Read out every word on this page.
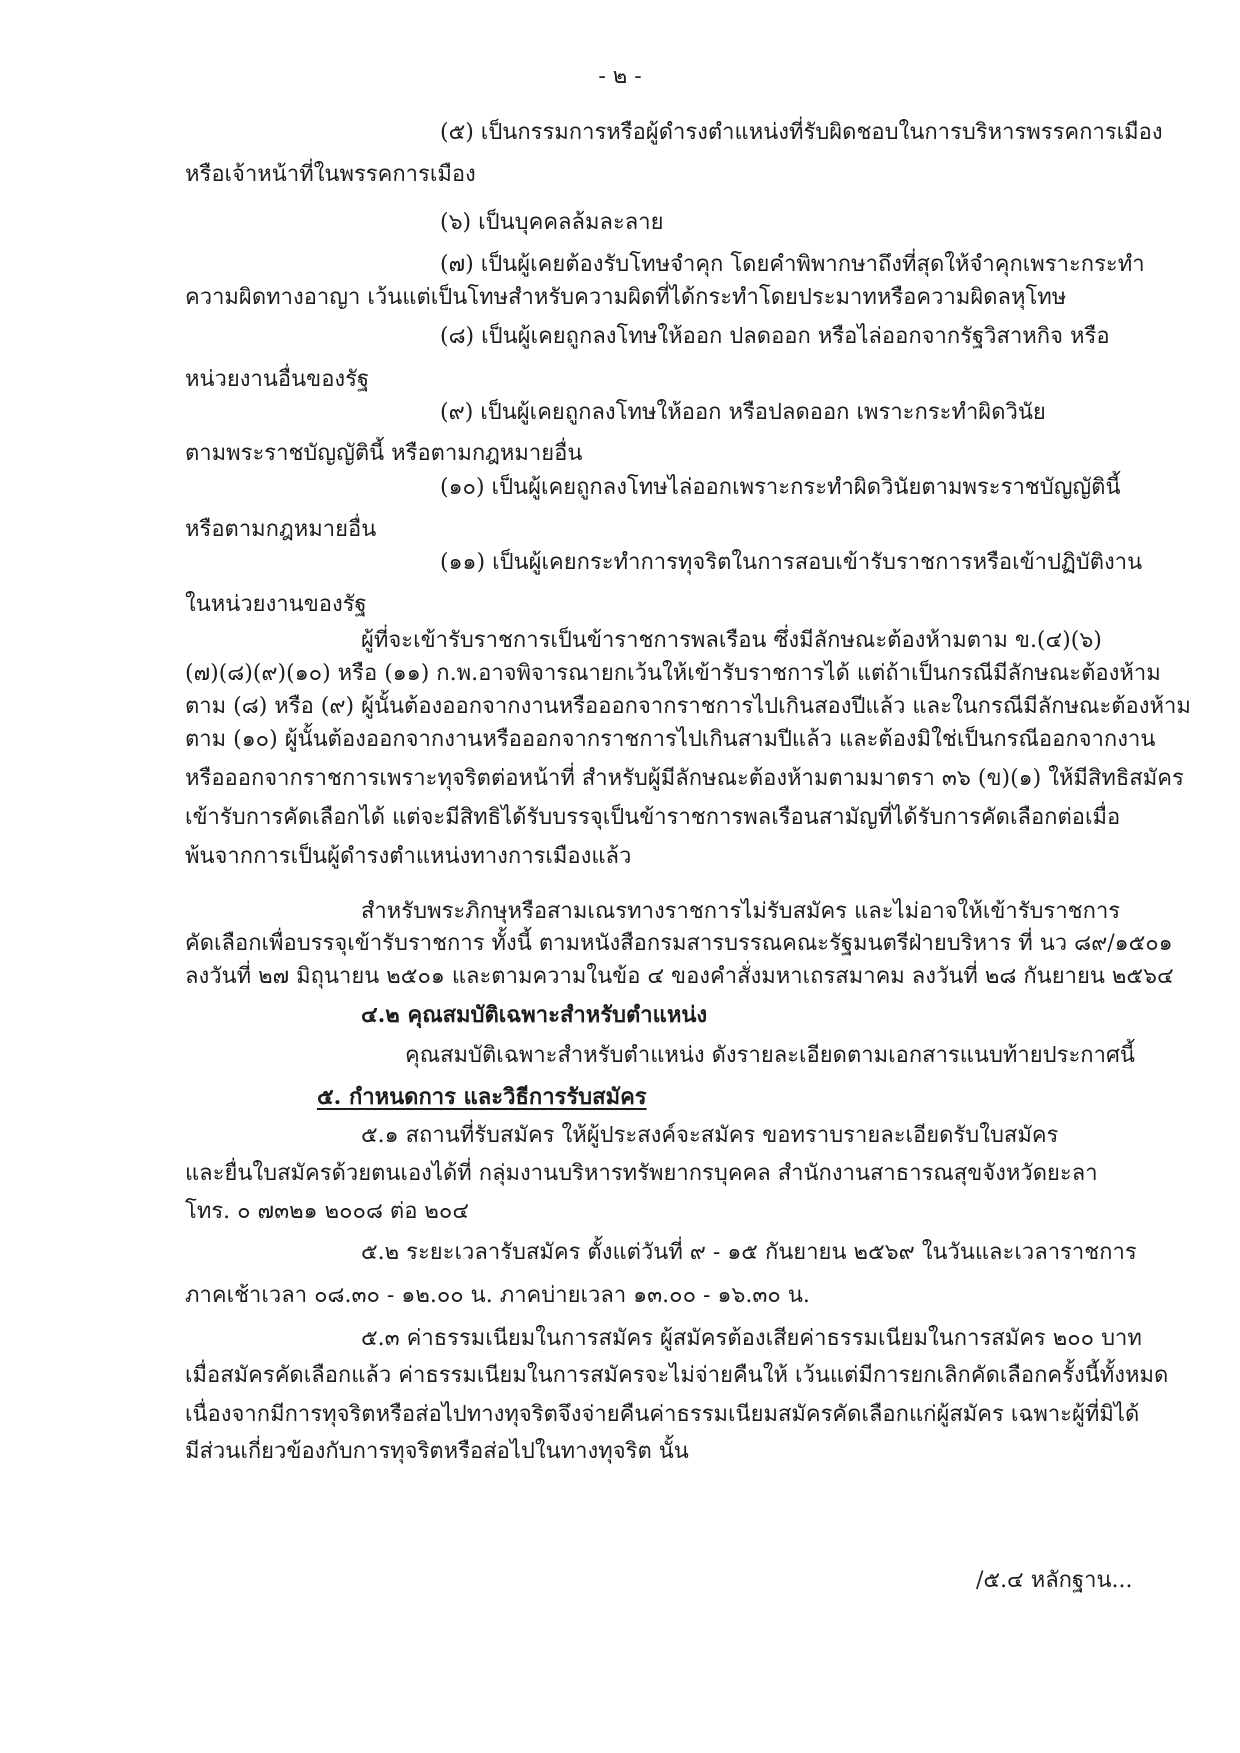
- ๒ -
(๕) เป็นกรรมการหรือผู้ดำรงตำแหน่งที่รับผิดชอบในการบริหารพรรคการเมือง
หรือเจ้าหน้าที่ในพรรคการเมือง
(๖) เป็นบุคคลล้มละลาย
(๗) เป็นผู้เคยต้องรับโทษจำคุก โดยคำพิพากษาถึงที่สุดให้จำคุกเพราะกระทำ
ความผิดทางอาญา เว้นแต่เป็นโทษสำหรับความผิดที่ได้กระทำโดยประมาทหรือความผิดลหุโทษ
(๘) เป็นผู้เคยถูกลงโทษให้ออก ปลดออก หรือไล่ออกจากรัฐวิสาหกิจ หรือ
หน่วยงานอื่นของรัฐ
(๙) เป็นผู้เคยถูกลงโทษให้ออก หรือปลดออก เพราะกระทำผิดวินัย
ตามพระราชบัญญัตินี้ หรือตามกฎหมายอื่น
(๑๐) เป็นผู้เคยถูกลงโทษไล่ออกเพราะกระทำผิดวินัยตามพระราชบัญญัตินี้
หรือตามกฎหมายอื่น
(๑๑) เป็นผู้เคยกระทำการทุจริตในการสอบเข้ารับราชการหรือเข้าปฏิบัติงาน
ในหน่วยงานของรัฐ
ผู้ที่จะเข้ารับราชการเป็นข้าราชการพลเรือน ซึ่งมีลักษณะต้องห้ามตาม ข.(๔)(๖)
(๗)(๘)(๙)(๑๐) หรือ (๑๑) ก.พ.อาจพิจารณายกเว้นให้เข้ารับราชการได้ แต่ถ้าเป็นกรณีมีลักษณะต้องห้าม
ตาม (๘) หรือ (๙) ผู้นั้นต้องออกจากงานหรือออกจากราชการไปเกินสองปีแล้ว และในกรณีมีลักษณะต้องห้าม
ตาม (๑๐) ผู้นั้นต้องออกจากงานหรือออกจากราชการไปเกินสามปีแล้ว และต้องมิใช่เป็นกรณีออกจากงาน
หรือออกจากราชการเพราะทุจริตต่อหน้าที่ สำหรับผู้มีลักษณะต้องห้ามตามมาตรา ๓๖ (ข)(๑) ให้มีสิทธิสมัคร
เข้ารับการคัดเลือกได้ แต่จะมีสิทธิได้รับบรรจุเป็นข้าราชการพลเรือนสามัญที่ได้รับการคัดเลือกต่อเมื่อ
พ้นจากการเป็นผู้ดำรงตำแหน่งทางการเมืองแล้ว
สำหรับพระภิกษุหรือสามเณรทางราชการไม่รับสมัคร และไม่อาจให้เข้ารับราชการ
คัดเลือกเพื่อบรรจุเข้ารับราชการ ทั้งนี้ ตามหนังสือกรมสารบรรณคณะรัฐมนตรีฝ่ายบริหาร ที่ นว ๘๙/๑๕๐๑
ลงวันที่ ๒๗ มิถุนายน ๒๕๐๑ และตามความในข้อ ๔ ของคำสั่งมหาเถรสมาคม ลงวันที่ ๒๘ กันยายน ๒๕๖๔
๔.๒ คุณสมบัติเฉพาะสำหรับตำแหน่ง
คุณสมบัติเฉพาะสำหรับตำแหน่ง ดังรายละเอียดตามเอกสารแนบท้ายประกาศนี้
๕. กำหนดการ และวิธีการรับสมัคร
๕.๑ สถานที่รับสมัคร ให้ผู้ประสงค์จะสมัคร ขอทราบรายละเอียดรับใบสมัคร
และยื่นใบสมัครด้วยตนเองได้ที่ กลุ่มงานบริหารทรัพยากรบุคคล สำนักงานสาธารณสุขจังหวัดยะลา
โทร. ๐ ๗๓๒๑ ๒๐๐๘ ต่อ ๒๐๔
๕.๒ ระยะเวลารับสมัคร ตั้งแต่วันที่ ๙ - ๑๕ กันยายน ๒๕๖๙ ในวันและเวลาราชการ
ภาคเช้าเวลา ๐๘.๓๐ - ๑๒.๐๐ น. ภาคบ่ายเวลา ๑๓.๐๐ - ๑๖.๓๐ น.
๕.๓ ค่าธรรมเนียมในการสมัคร ผู้สมัครต้องเสียค่าธรรมเนียมในการสมัคร ๒๐๐ บาท
เมื่อสมัครคัดเลือกแล้ว ค่าธรรมเนียมในการสมัครจะไม่จ่ายคืนให้ เว้นแต่มีการยกเลิกคัดเลือกครั้งนี้ทั้งหมด
เนื่องจากมีการทุจริตหรือส่อไปทางทุจริตจึงจ่ายคืนค่าธรรมเนียมสมัครคัดเลือกแก่ผู้สมัคร เฉพาะผู้ที่มิได้
มีส่วนเกี่ยวข้องกับการทุจริตหรือส่อไปในทางทุจริต นั้น
/๕.๔ หลักฐาน...
